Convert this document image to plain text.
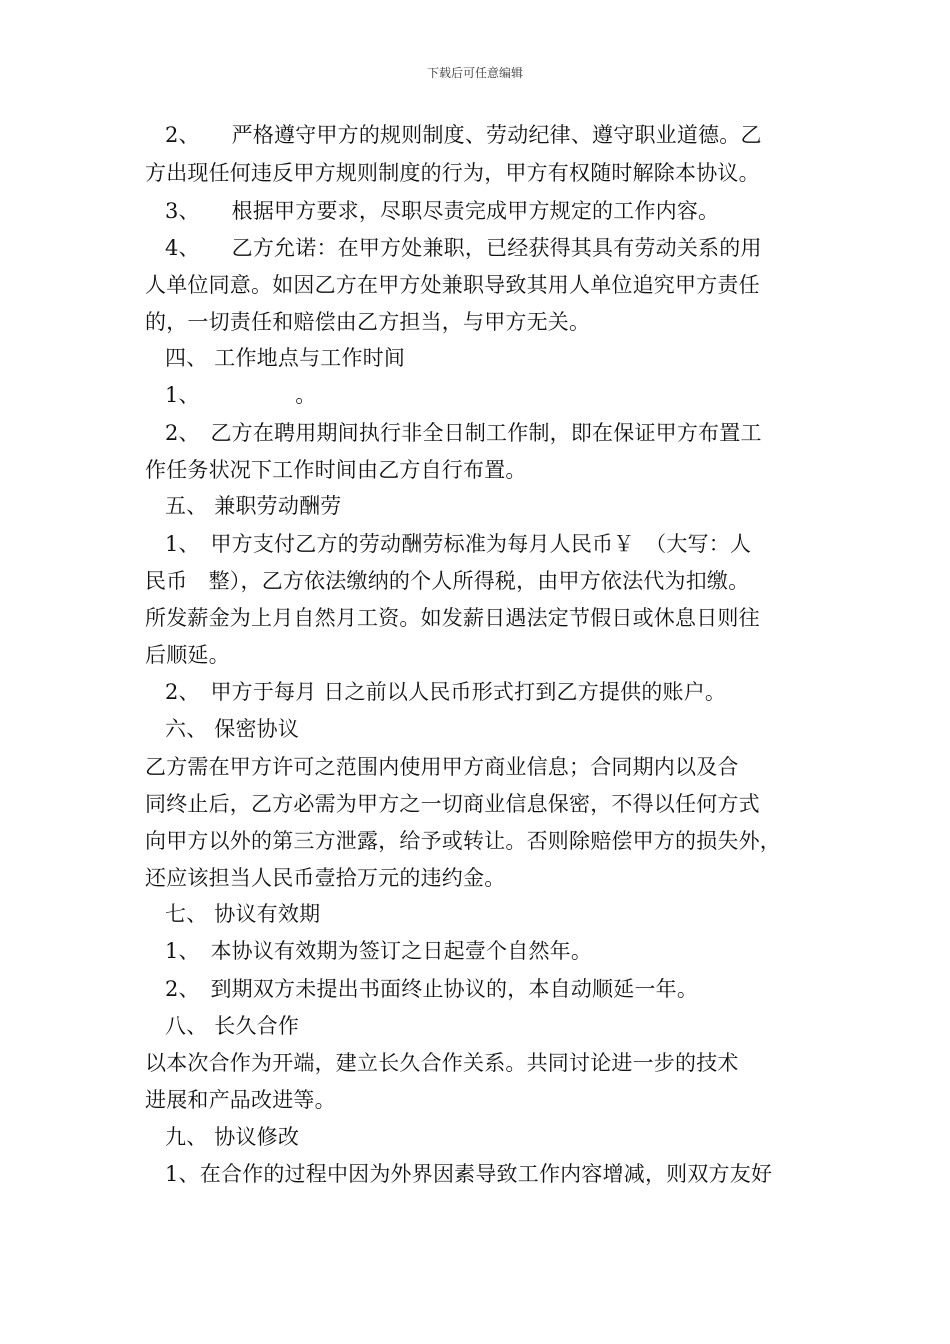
下载后可任意编辑
2、　　严格遵守甲方的规则制度、劳动纪律、遵守职业道德。乙
方出现任何违反甲方规则制度的行为，甲方有权随时解除本协议。
3、　　根据甲方要求，尽职尽责完成甲方规定的工作内容。
4、　　乙方允诺：在甲方处兼职，已经获得其具有劳动关系的用
人单位同意。如因乙方在甲方处兼职导致其用人单位追究甲方责任
的，一切责任和赔偿由乙方担当，与甲方无关。
四、 工作地点与工作时间
1、　　　　　。
2、　乙方在聘用期间执行非全日制工作制，即在保证甲方布置工
作任务状况下工作时间由乙方自行布置。
五、 兼职劳动酬劳
1、　甲方支付乙方的劳动酬劳标准为每月人民币￥　（大写：人
民币　整），乙方依法缴纳的个人所得税，由甲方依法代为扣缴。
所发薪金为上月自然月工资。如发薪日遇法定节假日或休息日则往
后顺延。
2、　甲方于每月 日之前以人民币形式打到乙方提供的账户。
六、 保密协议
乙方需在甲方许可之范围内使用甲方商业信息；合同期内以及合
同终止后，乙方必需为甲方之一切商业信息保密，不得以任何方式
向甲方以外的第三方泄露，给予或转让。否则除赔偿甲方的损失外，
还应该担当人民币壹拾万元的违约金。
七、 协议有效期
1、　本协议有效期为签订之日起壹个自然年。
2、　到期双方未提出书面终止协议的，本自动顺延一年。
八、 长久合作
以本次合作为开端，建立长久合作关系。共同讨论进一步的技术
进展和产品改进等。
九、 协议修改
1、在合作的过程中因为外界因素导致工作内容增减，则双方友好
